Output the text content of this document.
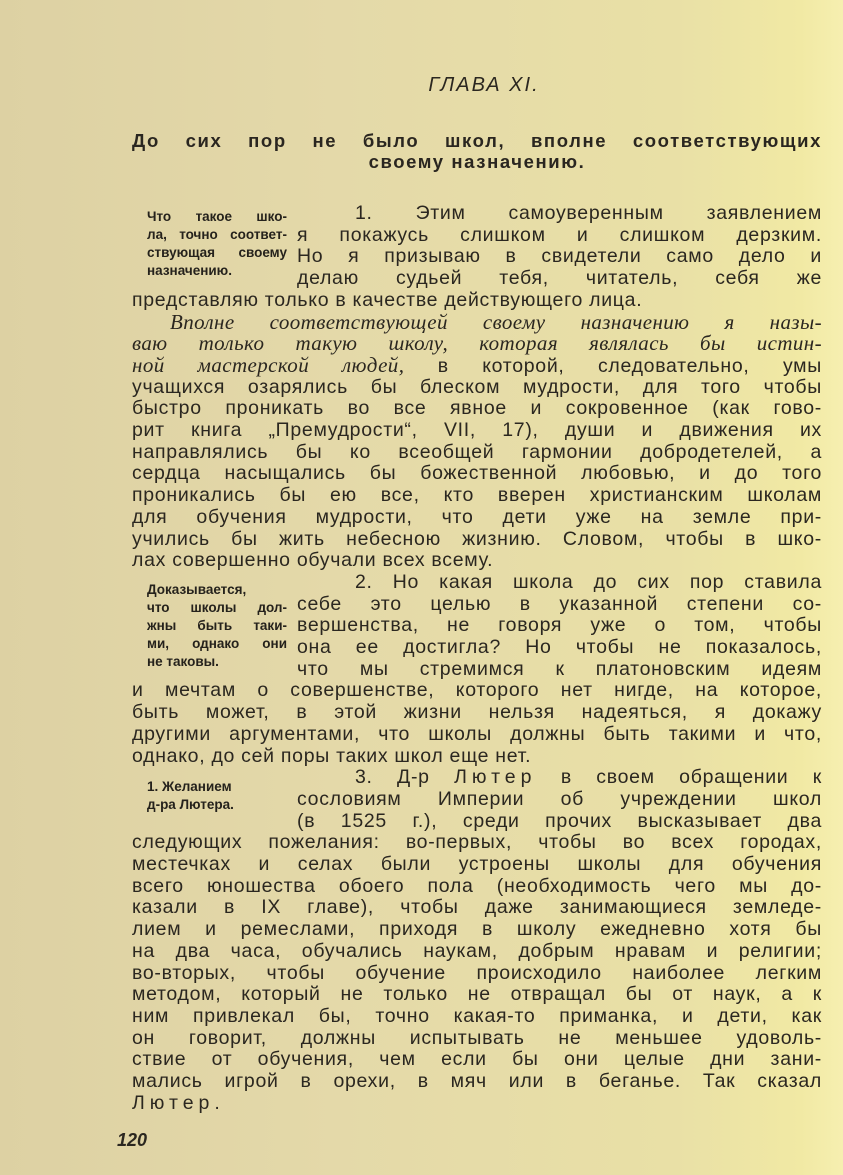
ГЛАВА XI.
До сих пор не было школ, вполне соответствующих
своему назначению.
Что такое шко-
ла, точно соответ-
ствующая своему
назначению.
Доказывается,
что школы дол-
жны быть таки-
ми, однако они
не таковы.
1. Желанием
д-ра Лютера.
1. Этим самоуверенным заявлением
я покажусь слишком и слишком дерзким.
Но я призываю в свидетели само дело и
делаю судьей тебя, читатель, себя же
представляю только в качестве действующего лица.
Вполне соответствующей своему назначению я назы-
ваю только такую школу, которая являлась бы истин-
ной мастерской людей, в которой, следовательно, умы
учащихся озарялись бы блеском мудрости, для того чтобы
быстро проникать во все явное и сокровенное (как гово-
рит книга „Премудрости“, VII, 17), души и движения их
направлялись бы ко всеобщей гармонии добродетелей, а
сердца насыщались бы божественной любовью, и до того
проникались бы ею все, кто вверен христианским школам
для обучения мудрости, что дети уже на земле при-
учились бы жить небесною жизнию. Словом, чтобы в шко-
лах совершенно обучали всех всему.
2. Но какая школа до сих пор ставила
себе это целью в указанной степени со-
вершенства, не говоря уже о том, чтобы
она ее достигла? Но чтобы не показалось,
что мы стремимся к платоновским идеям
и мечтам о совершенстве, которого нет нигде, на которое,
быть может, в этой жизни нельзя надеяться, я докажу
другими аргументами, что школы должны быть такими и что,
однако, до сей поры таких школ еще нет.
3. Д-р Лютер в своем обращении к
сословиям Империи об учреждении школ
(в 1525 г.), среди прочих высказывает два
следующих пожелания: во-первых, чтобы во всех городах,
местечках и селах были устроены школы для обучения
всего юношества обоего пола (необходимость чего мы до-
казали в IX главе), чтобы даже занимающиеся земледе-
лием и ремеслами, приходя в школу ежедневно хотя бы
на два часа, обучались наукам, добрым нравам и религии;
во-вторых, чтобы обучение происходило наиболее легким
методом, который не только не отвращал бы от наук, а к
ним привлекал бы, точно какая-то приманка, и дети, как
он говорит, должны испытывать не меньшее удоволь-
ствие от обучения, чем если бы они целые дни зани-
мались игрой в орехи, в мяч или в беганье. Так сказал
Лютер.
120
